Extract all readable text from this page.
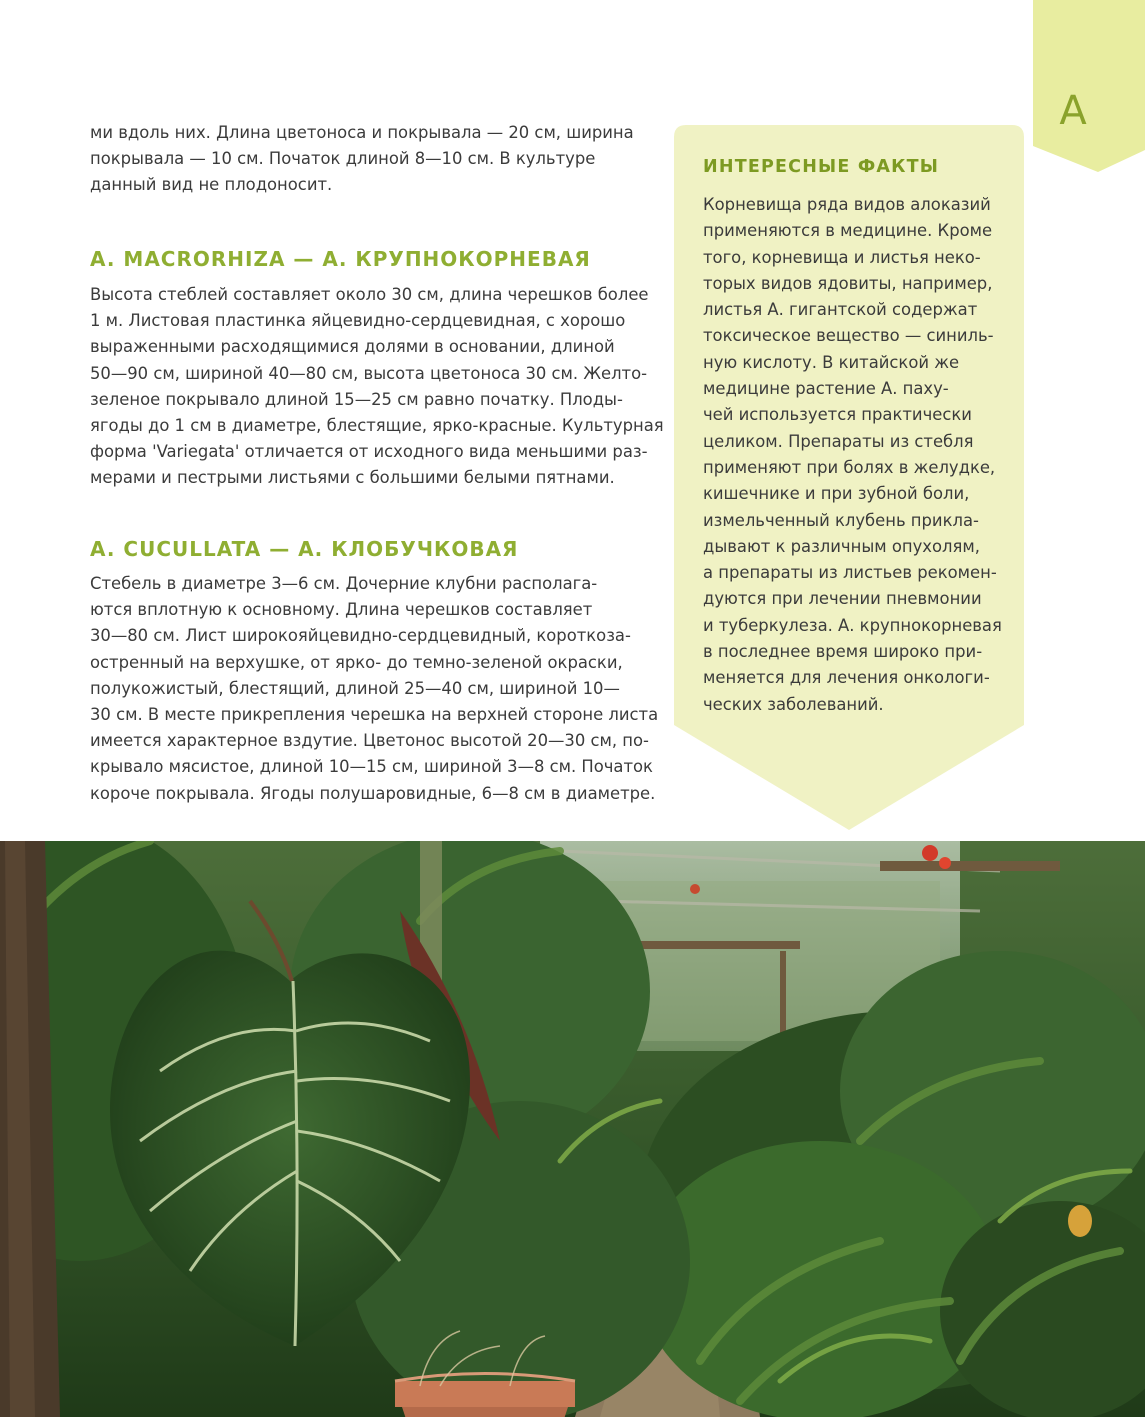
A

ми вдоль них. Длина цветоноса и покрывала — 20 см, ширина
покрывала — 10 см. Початок длиной 8—10 см. В культуре
данный вид не плодоносит.

A. MACRORHIZA — А. КРУПНОКОРНЕВАЯ

Высота стеблей составляет около 30 см, длина черешков более
1 м. Листовая пластинка яйцевидно-сердцевидная, с хорошо
выраженными расходящимися долями в основании, длиной
50—90 см, шириной 40—80 см, высота цветоноса 30 см. Желто-
зеленое покрывало длиной 15—25 см равно початку. Плоды-
ягоды до 1 см в диаметре, блестящие, ярко-красные. Культурная
форма 'Variegata' отличается от исходного вида меньшими раз-
мерами и пестрыми листьями с большими белыми пятнами.

A. CUCULLATA — А. КЛОБУЧКОВАЯ

Стебель в диаметре 3—6 см. Дочерние клубни располага-
ются вплотную к основному. Длина черешков составляет
30—80 см. Лист широкояйцевидно-сердцевидный, короткоза-
остренный на верхушке, от ярко- до темно-зеленой окраски,
полукожистый, блестящий, длиной 25—40 см, шириной 10—
30 см. В месте прикрепления черешка на верхней стороне листа
имеется характерное вздутие. Цветонос высотой 20—30 см, по-
крывало мясистое, длиной 10—15 см, шириной 3—8 см. Початок
короче покрывала. Ягоды полушаровидные, 6—8 см в диаметре.

ИНТЕРЕСНЫЕ ФАКТЫ

Корневища ряда видов алоказий
применяются в медицине. Кроме
того, корневища и листья неко-
торых видов ядовиты, например,
листья А. гигантской содержат
токсическое вещество — синиль-
ную кислоту. В китайской же
медицине растение А. паху-
чей используется практически
целиком. Препараты из стебля
применяют при болях в желудке,
кишечнике и при зубной боли,
измельченный клубень прикла-
дывают к различным опухолям,
а препараты из листьев рекомен-
дуются при лечении пневмонии
и туберкулеза. А. крупнокорневая
в последнее время широко при-
меняется для лечения онкологи-
ческих заболеваний.
